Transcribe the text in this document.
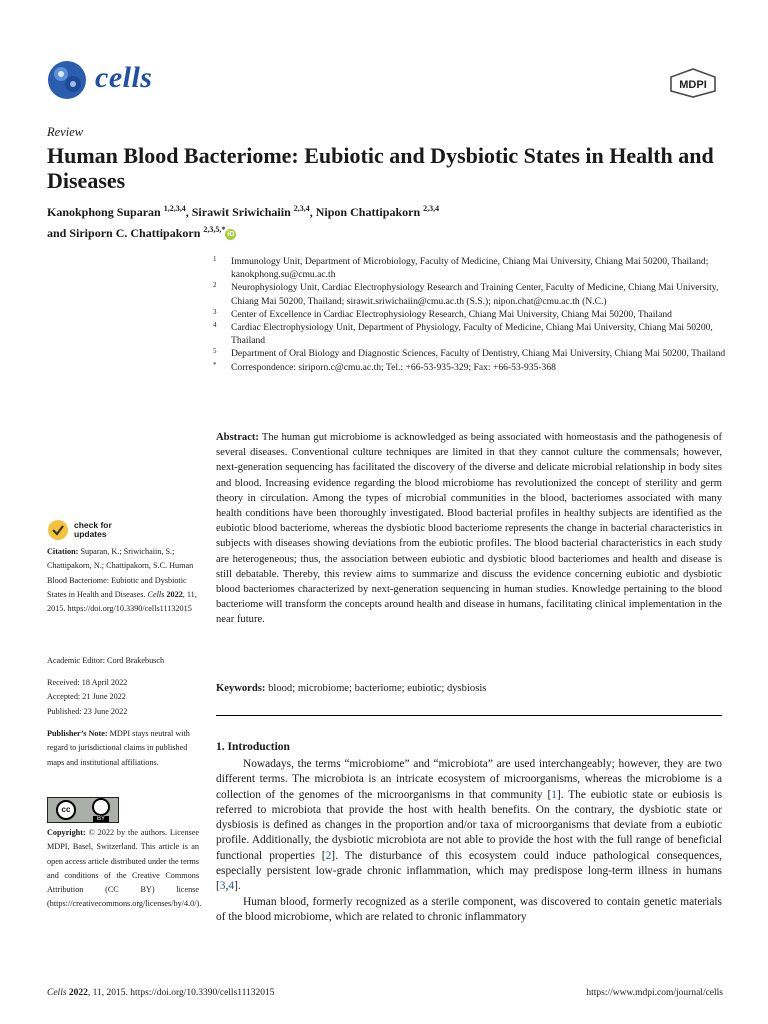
cells	MDPI
Review
Human Blood Bacteriome: Eubiotic and Dysbiotic States in Health and Diseases
Kanokphong Suparan $^{1,2,3,4}$, Sirawit Sriwichaiin $^{2,3,4}$, Nipon Chattipakorn $^{2,3,4}$
and Siriporn C. Chattipakorn $^{2,3,5,*}$iD
1 Immunology Unit, Department of Microbiology, Faculty of Medicine, Chiang Mai University, Chiang Mai 50200, Thailand; kanokphong.su@cmu.ac.th
2 Neurophysiology Unit, Cardiac Electrophysiology Research and Training Center, Faculty of Medicine, Chiang Mai University, Chiang Mai 50200, Thailand; sirawit.sriwichaiin@cmu.ac.th (S.S.); nipon.chat@cmu.ac.th (N.C.)
3 Center of Excellence in Cardiac Electrophysiology Research, Chiang Mai University, Chiang Mai 50200, Thailand
4 Cardiac Electrophysiology Unit, Department of Physiology, Faculty of Medicine, Chiang Mai University, Chiang Mai 50200, Thailand
5 Department of Oral Biology and Diagnostic Sciences, Faculty of Dentistry, Chiang Mai University, Chiang Mai 50200, Thailand
* Correspondence: siriporn.c@cmu.ac.th; Tel.: +66-53-935-329; Fax: +66-53-935-368
Abstract: The human gut microbiome is acknowledged as being associated with homeostasis and the pathogenesis of several diseases. Conventional culture techniques are limited in that they cannot culture the commensals; however, next-generation sequencing has facilitated the discovery of the diverse and delicate microbial relationship in body sites and blood. Increasing evidence regarding the blood microbiome has revolutionized the concept of sterility and germ theory in circulation. Among the types of microbial communities in the blood, bacteriomes associated with many health conditions have been thoroughly investigated. Blood bacterial profiles in healthy subjects are identified as the eubiotic blood bacteriome, whereas the dysbiotic blood bacteriome represents the change in bacterial characteristics in subjects with diseases showing deviations from the eubiotic profiles. The blood bacterial characteristics in each study are heterogeneous; thus, the association between eubiotic and dysbiotic blood bacteriomes and health and disease is still debatable. Thereby, this review aims to summarize and discuss the evidence concerning eubiotic and dysbiotic blood bacteriomes characterized by next-generation sequencing in human studies. Knowledge pertaining to the blood bacteriome will transform the concepts around health and disease in humans, facilitating clinical implementation in the near future.
Keywords: blood; microbiome; bacteriome; eubiotic; dysbiosis
1. Introduction

Nowadays, the terms “microbiome” and “microbiota” are used interchangeably; however, they are two different terms. The microbiota is an intricate ecosystem of microorganisms, whereas the microbiome is a collection of the genomes of the microorganisms in that community [1]. The eubiotic state or eubiosis is referred to microbiota that provide the host with health benefits. On the contrary, the dysbiotic state or dysbiosis is defined as changes in the proportion and/or taxa of microorganisms that deviate from a eubiotic profile. Additionally, the dysbiotic microbiota are not able to provide the host with the full range of beneficial functional properties [2]. The disturbance of this ecosystem could induce pathological consequences, especially persistent low-grade chronic inflammation, which may predispose long-term illness in humans [3,4].

Human blood, formerly recognized as a sterile component, was discovered to contain genetic materials of the blood microbiome, which are related to chronic inflammatory

check for updates
Citation: Suparan, K.; Sriwichaiin, S.; Chattipakorn, N.; Chattipakorn, S.C. Human Blood Bacteriome: Eubiotic and Dysbiotic States in Health and Diseases. Cells 2022, 11, 2015. https://doi.org/10.3390/cells11132015
Academic Editor: Cord Brakebusch
Received: 18 April 2022
Accepted: 21 June 2022
Published: 23 June 2022
Publisher’s Note: MDPI stays neutral with regard to jurisdictional claims in published maps and institutional affiliations.
cc
BY
Copyright: © 2022 by the authors. Licensee MDPI, Basel, Switzerland. This article is an open access article distributed under the terms and conditions of the Creative Commons Attribution (CC BY) license (https://creativecommons.org/licenses/by/4.0/).
Cells 2022, 11, 2015. https://doi.org/10.3390/cells11132015	https://www.mdpi.com/journal/cells
